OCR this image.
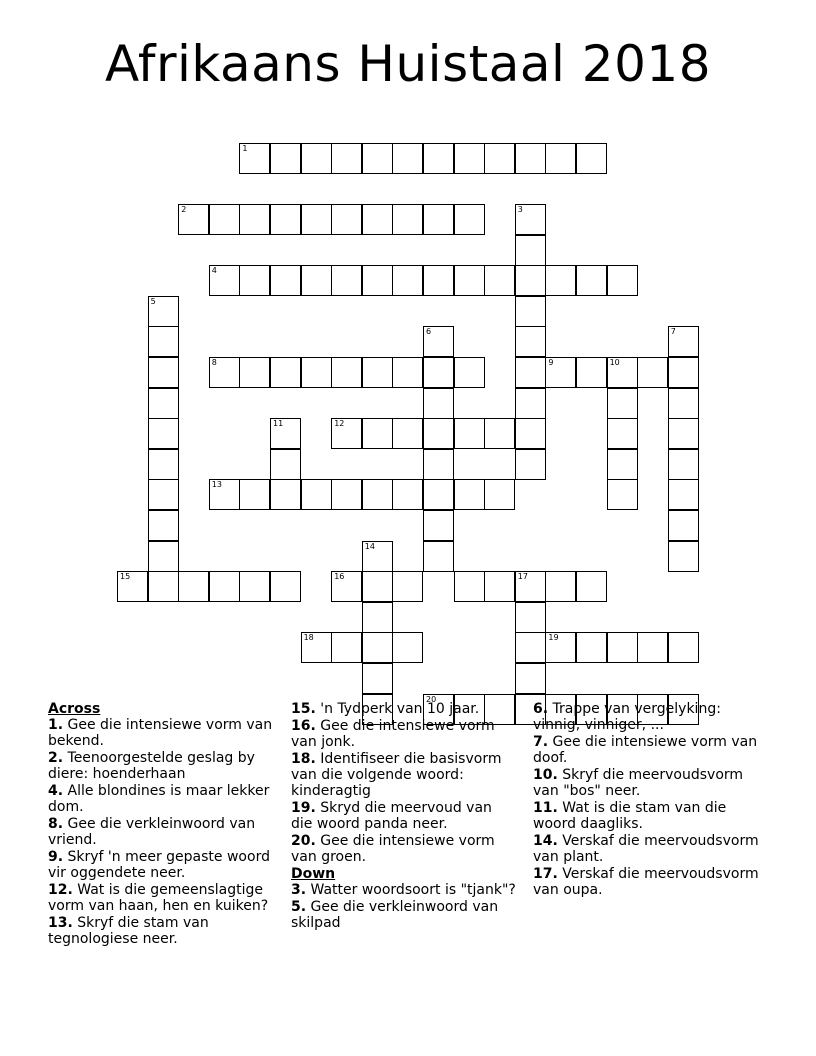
Afrikaans Huistaal 2018
1
2	3
4
5
6	7
8	9	10
11	12
13
14
15	16	17
18	19
20
Across
1. Gee die intensiewe vorm van bekend.
2. Teenoorgestelde geslag by diere: hoenderhaan
4. Alle blondines is maar lekker dom.
8. Gee die verkleinwoord van vriend.
9. Skryf 'n meer gepaste woord vir oggendete neer.
12. Wat is die gemeenslagtige vorm van haan, hen en kuiken?
13. Skryf die stam van tegnologiese neer.
15. 'n Tydperk van 10 jaar.
16. Gee die intensiewe vorm van jonk.
18. Identifiseer die basisvorm van die volgende woord: kinderagtig
19. Skryd die meervoud van die woord panda neer.
20. Gee die intensiewe vorm van groen.
Down
3. Watter woordsoort is "tjank"?
5. Gee die verkleinwoord van skilpad
6. Trappe van vergelyking: vinnig, vinniger, ...
7. Gee die intensiewe vorm van doof.
10. Skryf die meervoudsvorm van "bos" neer.
11. Wat is die stam van die woord daagliks.
14. Verskaf die meervoudsvorm van plant.
17. Verskaf die meervoudsvorm van oupa.
